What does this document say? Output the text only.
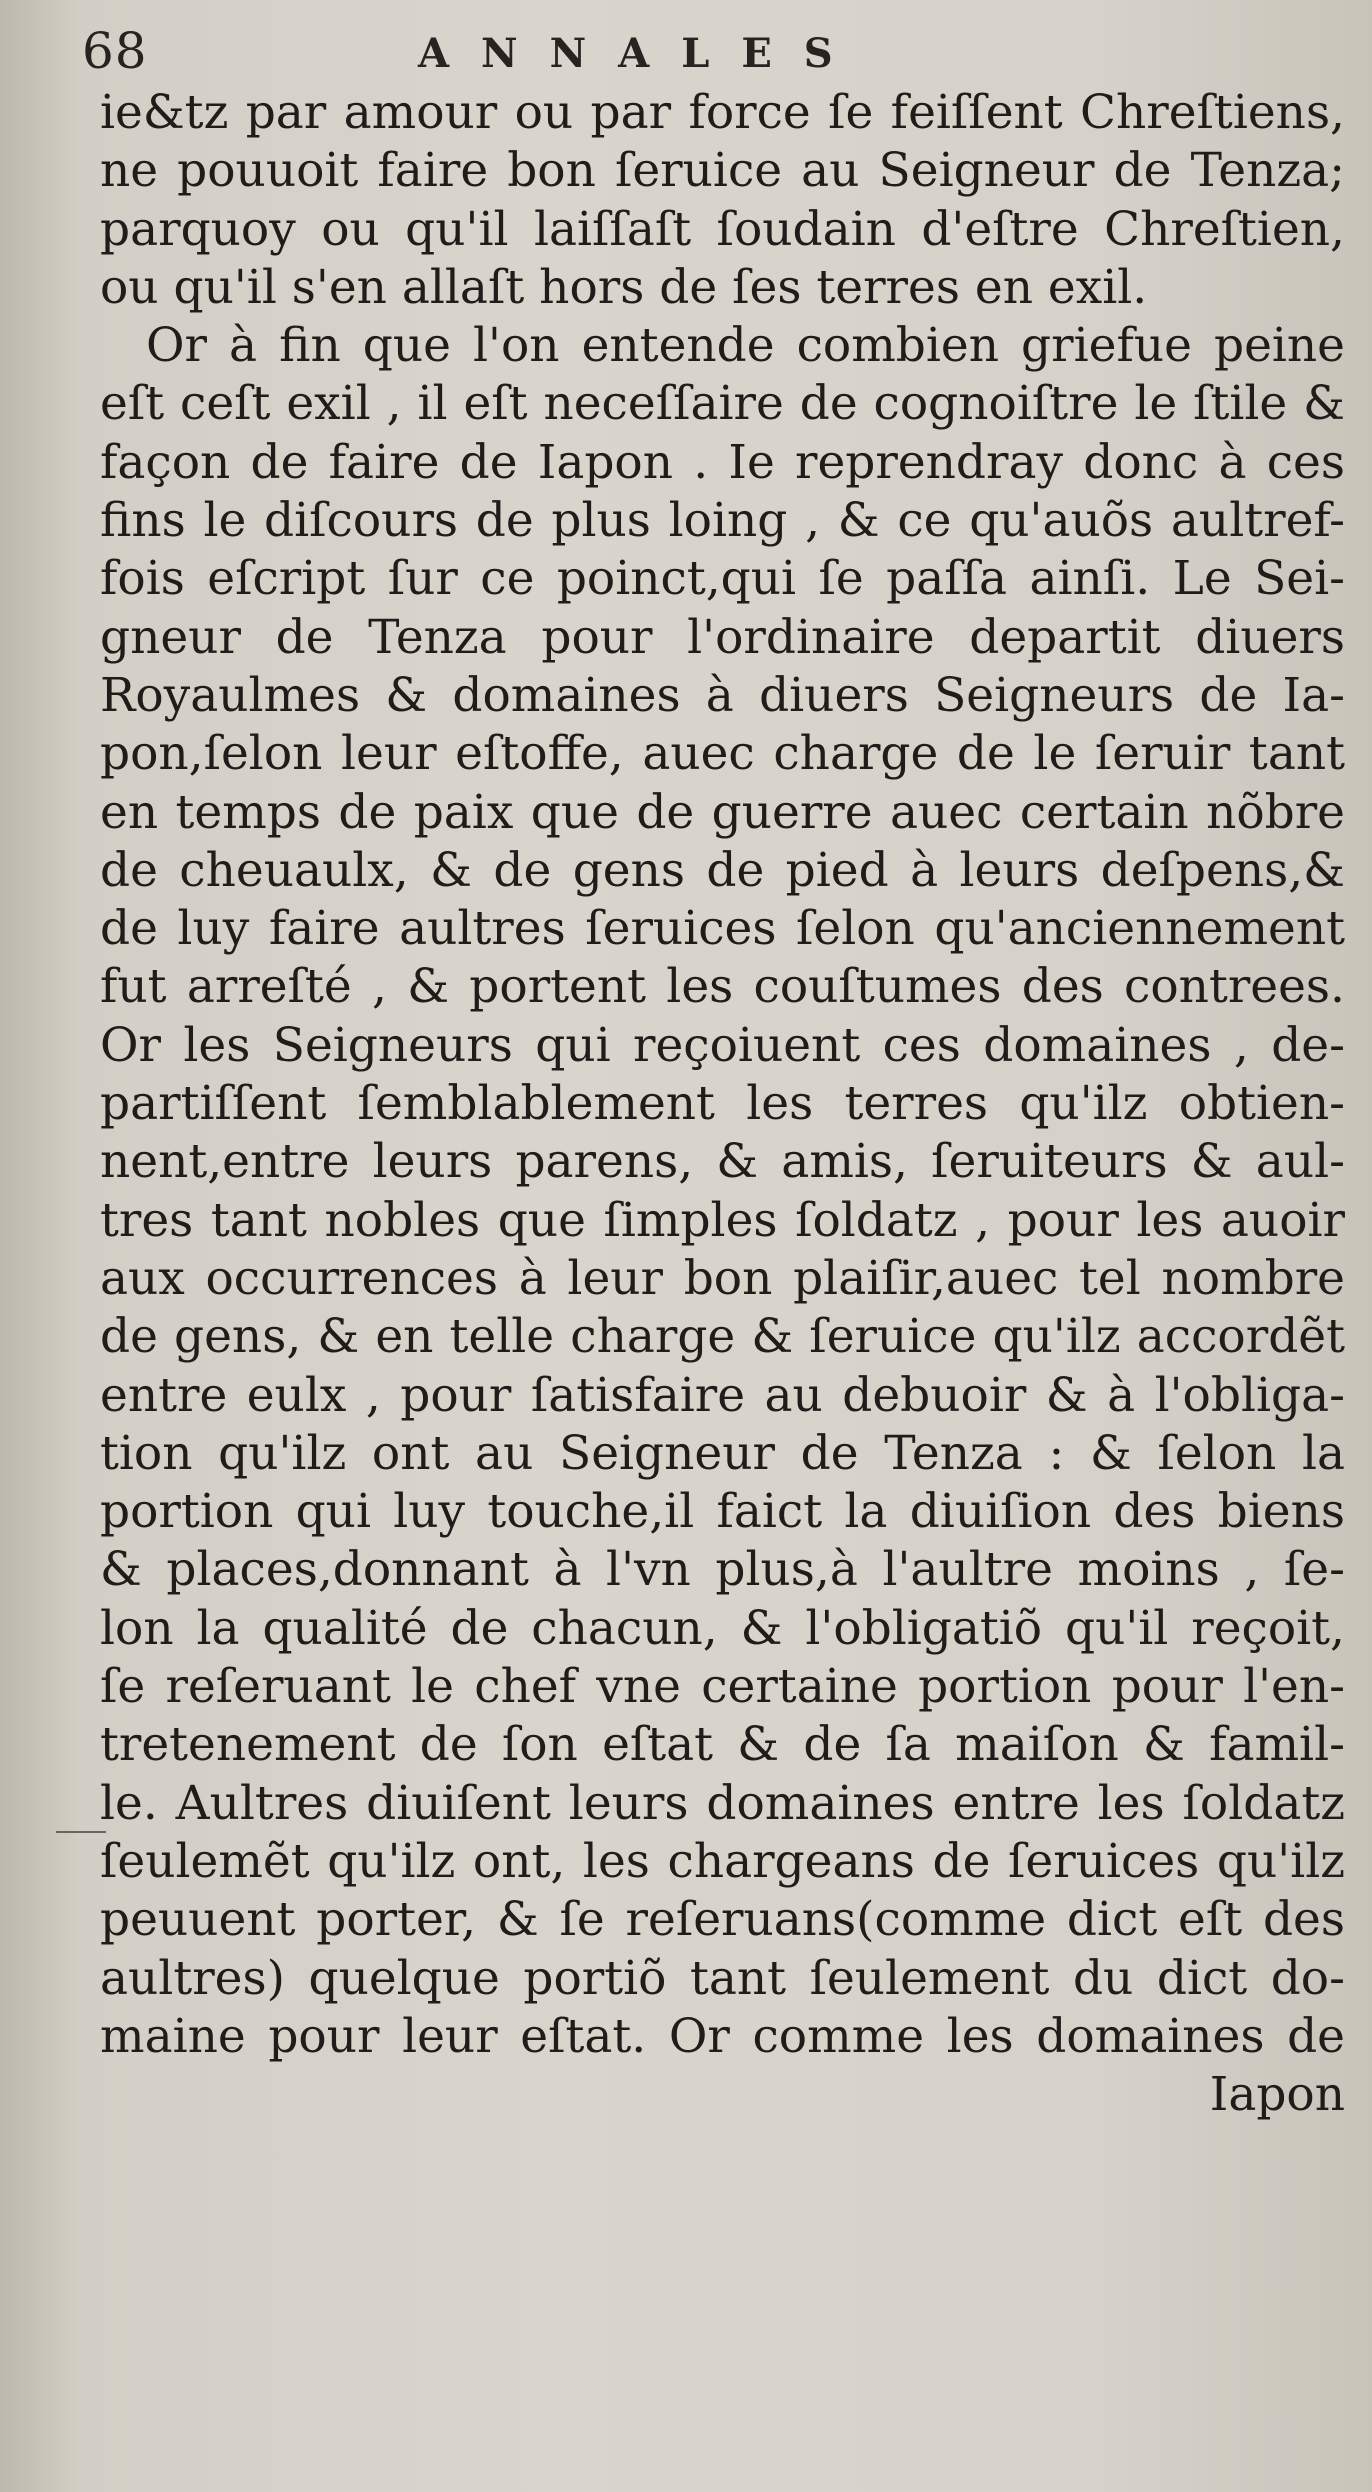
68	ANNALES
ie&tz par amour ou par force ſe feiſſent Chreſtiens,
ne pouuoit faire bon ſeruice au Seigneur de Tenza;
parquoy ou qu'il laiſſaſt ſoudain d'eſtre Chreſtien,
ou qu'il s'en allaſt hors de ſes terres en exil.
Or à fin que l'on entende combien griefue peine
eſt ceſt exil , il eſt neceſſaire de cognoiſtre le ſtile &
façon de faire de Iapon . Ie reprendray donc à ces
fins le diſcours de plus loing , & ce qu'auõs aultref-
fois eſcript ſur ce poinct,qui ſe paſſa ainſi. Le Sei-
gneur de Tenza pour l'ordinaire departit diuers
Royaulmes & domaines à diuers Seigneurs de Ia-
pon,ſelon leur eſtoffe, auec charge de le ſeruir tant
en temps de paix que de guerre auec certain nõbre
de cheuaulx, & de gens de pied à leurs deſpens,&
de luy faire aultres ſeruices ſelon qu'anciennement
fut arreſté , & portent les couſtumes des contrees.
Or les Seigneurs qui reçoiuent ces domaines , de-
partiſſent ſemblablement les terres qu'ilz obtien-
nent,entre leurs parens, & amis, ſeruiteurs & aul-
tres tant nobles que ſimples ſoldatz , pour les auoir
aux occurrences à leur bon plaiſir,auec tel nombre
de gens, & en telle charge & ſeruice qu'ilz accordẽt
entre eulx , pour ſatisfaire au debuoir & à l'obliga-
tion qu'ilz ont au Seigneur de Tenza : & ſelon la
portion qui luy touche,il faict la diuiſion des biens
& places,donnant à l'vn plus,à l'aultre moins , ſe-
lon la qualité de chacun, & l'obligatiõ qu'il reçoit,
ſe reſeruant le chef vne certaine portion pour l'en-
tretenement de ſon eſtat & de ſa maiſon & famil-
le. Aultres diuiſent leurs domaines entre les ſoldatz
ſeulemẽt qu'ilz ont, les chargeans de ſeruices qu'ilz
peuuent porter, & ſe reſeruans(comme dict eſt des
aultres) quelque portiõ tant ſeulement du dict do-
maine pour leur eſtat. Or comme les domaines de
Iapon
